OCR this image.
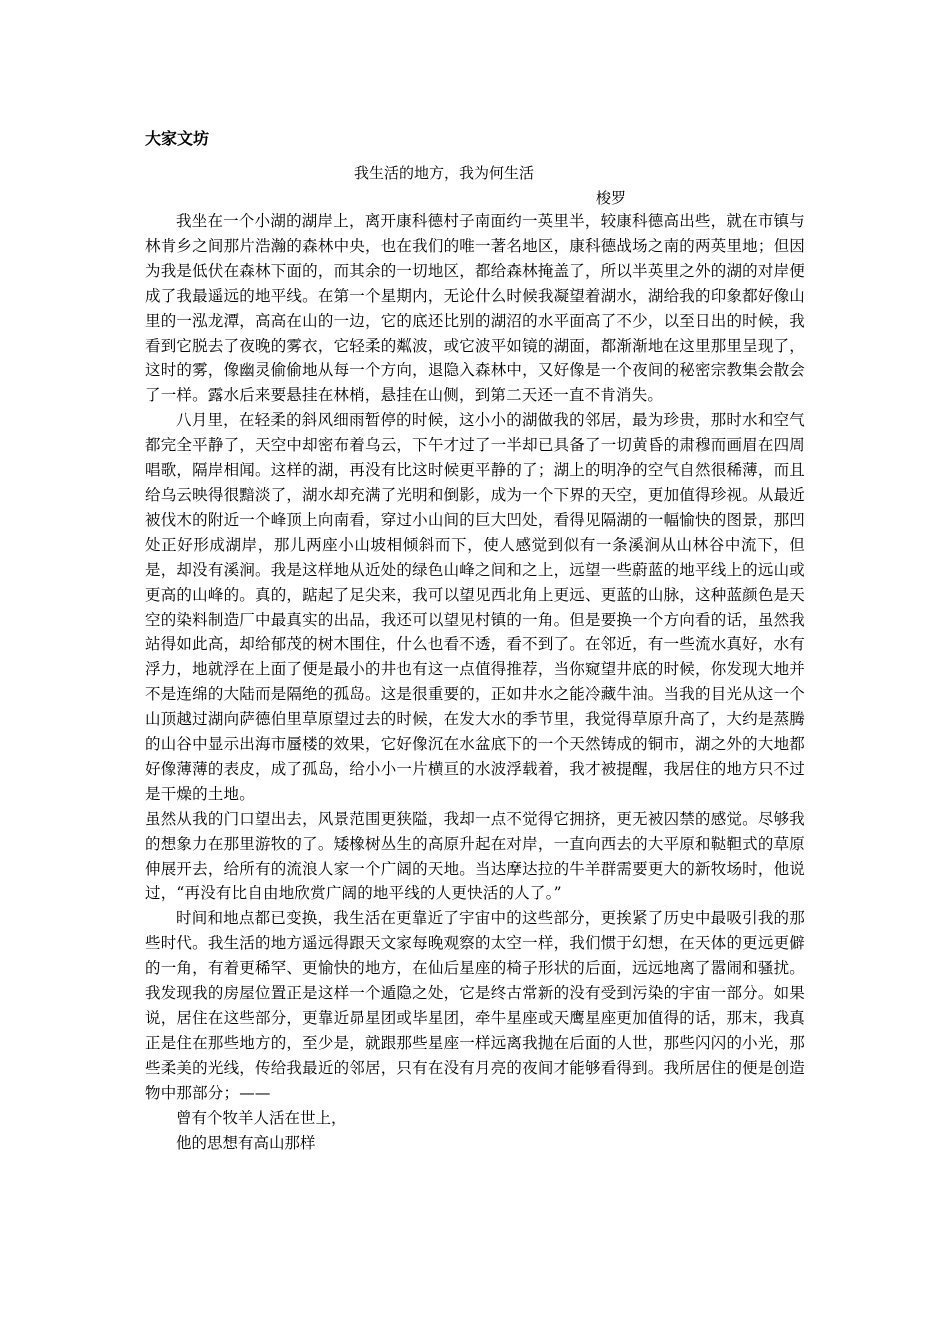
大家文坊
我生活的地方，我为何生活
梭罗

我坐在一个小湖的湖岸上，离开康科德村子南面约一英里半，较康科德高出些，就在市镇与林肯乡之间那片浩瀚的森林中央，也在我们的唯一著名地区，康科德战场之南的两英里地；但因为我是低伏在森林下面的，而其余的一切地区，都给森林掩盖了，所以半英里之外的湖的对岸便成了我最遥远的地平线。在第一个星期内，无论什么时候我凝望着湖水，湖给我的印象都好像山里的一泓龙潭，高高在山的一边，它的底还比别的湖沼的水平面高了不少，以至日出的时候，我看到它脱去了夜晚的雾衣，它轻柔的粼波，或它波平如镜的湖面，都渐渐地在这里那里呈现了，这时的雾，像幽灵偷偷地从每一个方向，退隐入森林中，又好像是一个夜间的秘密宗教集会散会了一样。露水后来要悬挂在林梢，悬挂在山侧，到第二天还一直不肯消失。

八月里，在轻柔的斜风细雨暂停的时候，这小小的湖做我的邻居，最为珍贵，那时水和空气都完全平静了，天空中却密布着乌云，下午才过了一半却已具备了一切黄昏的肃穆而画眉在四周唱歌，隔岸相闻。这样的湖，再没有比这时候更平静的了；湖上的明净的空气自然很稀薄，而且给乌云映得很黯淡了，湖水却充满了光明和倒影，成为一个下界的天空，更加值得珍视。从最近被伐木的附近一个峰顶上向南看，穿过小山间的巨大凹处，看得见隔湖的一幅愉快的图景，那凹处正好形成湖岸，那儿两座小山坡相倾斜而下，使人感觉到似有一条溪涧从山林谷中流下，但是，却没有溪涧。我是这样地从近处的绿色山峰之间和之上，远望一些蔚蓝的地平线上的远山或更高的山峰的。真的，踮起了足尖来，我可以望见西北角上更远、更蓝的山脉，这种蓝颜色是天空的染料制造厂中最真实的出品，我还可以望见村镇的一角。但是要换一个方向看的话，虽然我站得如此高，却给郁茂的树木围住，什么也看不透，看不到了。在邻近，有一些流水真好，水有浮力，地就浮在上面了便是最小的井也有这一点值得推荐，当你窥望井底的时候，你发现大地并不是连绵的大陆而是隔绝的孤岛。这是很重要的，正如井水之能冷藏牛油。当我的目光从这一个山顶越过湖向萨德伯里草原望过去的时候，在发大水的季节里，我觉得草原升高了，大约是蒸腾的山谷中显示出海市蜃楼的效果，它好像沉在水盆底下的一个天然铸成的铜市，湖之外的大地都好像薄薄的表皮，成了孤岛，给小小一片横亘的水波浮载着，我才被提醒，我居住的地方只不过是干燥的土地。

虽然从我的门口望出去，风景范围更狭隘，我却一点不觉得它拥挤，更无被囚禁的感觉。尽够我的想象力在那里游牧的了。矮橡树丛生的高原升起在对岸，一直向西去的大平原和鞑靼式的草原伸展开去，给所有的流浪人家一个广阔的天地。当达摩达拉的牛羊群需要更大的新牧场时，他说过，“再没有比自由地欣赏广阔的地平线的人更快活的人了。”

时间和地点都已变换，我生活在更靠近了宇宙中的这些部分，更挨紧了历史中最吸引我的那些时代。我生活的地方遥远得跟天文家每晚观察的太空一样，我们惯于幻想，在天体的更远更僻的一角，有着更稀罕、更愉快的地方，在仙后星座的椅子形状的后面，远远地离了嚣闹和骚扰。我发现我的房屋位置正是这样一个遁隐之处，它是终古常新的没有受到污染的宇宙一部分。如果说，居住在这些部分，更靠近昴星团或毕星团，牵牛星座或天鹰星座更加值得的话，那末，我真正是住在那些地方的，至少是，就跟那些星座一样远离我抛在后面的人世，那些闪闪的小光，那些柔美的光线，传给我最近的邻居，只有在没有月亮的夜间才能够看得到。我所居住的便是创造物中那部分；——

曾有个牧羊人活在世上，

他的思想有高山那样
